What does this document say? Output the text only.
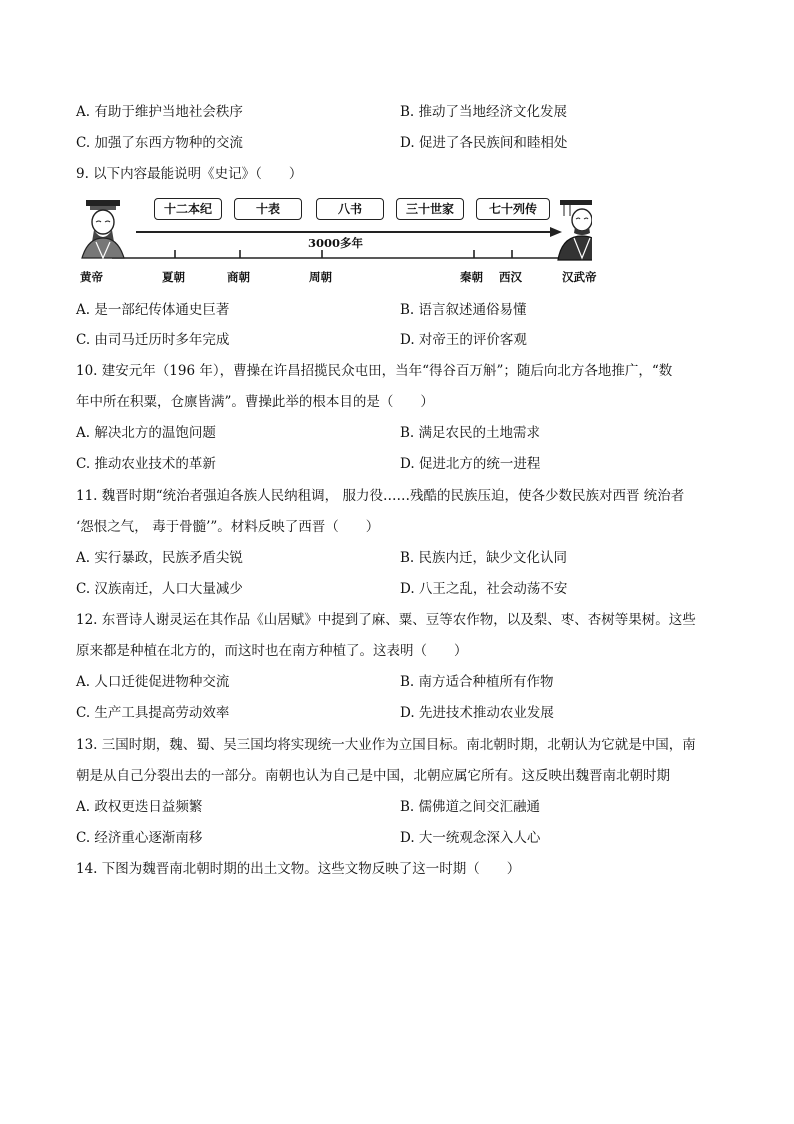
A. 有助于维护当地社会秩序	B. 推动了当地经济文化发展
C. 加强了东西方物种的交流	D. 促进了各民族间和睦相处
9. 以下内容最能说明《史记》（　　）
十二本纪	十表	八书	三十世家	七十列传
3000多年
黄帝	夏朝	商朝	周朝	秦朝 西汉	汉武帝
A. 是一部纪传体通史巨著	B. 语言叙述通俗易懂
C. 由司马迁历时多年完成	D. 对帝王的评价客观
10. 建安元年（196 年），曹操在许昌招揽民众屯田，当年“得谷百万斛”；随后向北方各地推广，“数
年中所在积粟，仓廪皆满”。曹操此举的根本目的是（　　）
A. 解决北方的温饱问题	B. 满足农民的土地需求
C. 推动农业技术的革新	D. 促进北方的统一进程
11. 魏晋时期“统治者强迫各族人民纳租调， 服力役……残酷的民族压迫，使各少数民族对西晋 统治者
‘怨恨之气， 毒于骨髓’”。材料反映了西晋（　　）
A. 实行暴政，民族矛盾尖锐	B. 民族内迁，缺少文化认同
C. 汉族南迁，人口大量减少	D. 八王之乱，社会动荡不安
12. 东晋诗人谢灵运在其作品《山居赋》中提到了麻、粟、豆等农作物，以及梨、枣、杏树等果树。这些
原来都是种植在北方的，而这时也在南方种植了。这表明（　　）
A. 人口迁徙促进物种交流	B. 南方适合种植所有作物
C. 生产工具提高劳动效率	D. 先进技术推动农业发展
13. 三国时期，魏、蜀、吴三国均将实现统一大业作为立国目标。南北朝时期，北朝认为它就是中国，南
朝是从自己分裂出去的一部分。南朝也认为自己是中国，北朝应属它所有。这反映出魏晋南北朝时期
A. 政权更迭日益频繁	B. 儒佛道之间交汇融通
C. 经济重心逐渐南移	D. 大一统观念深入人心
14. 下图为魏晋南北朝时期的出土文物。这些文物反映了这一时期（　　）
